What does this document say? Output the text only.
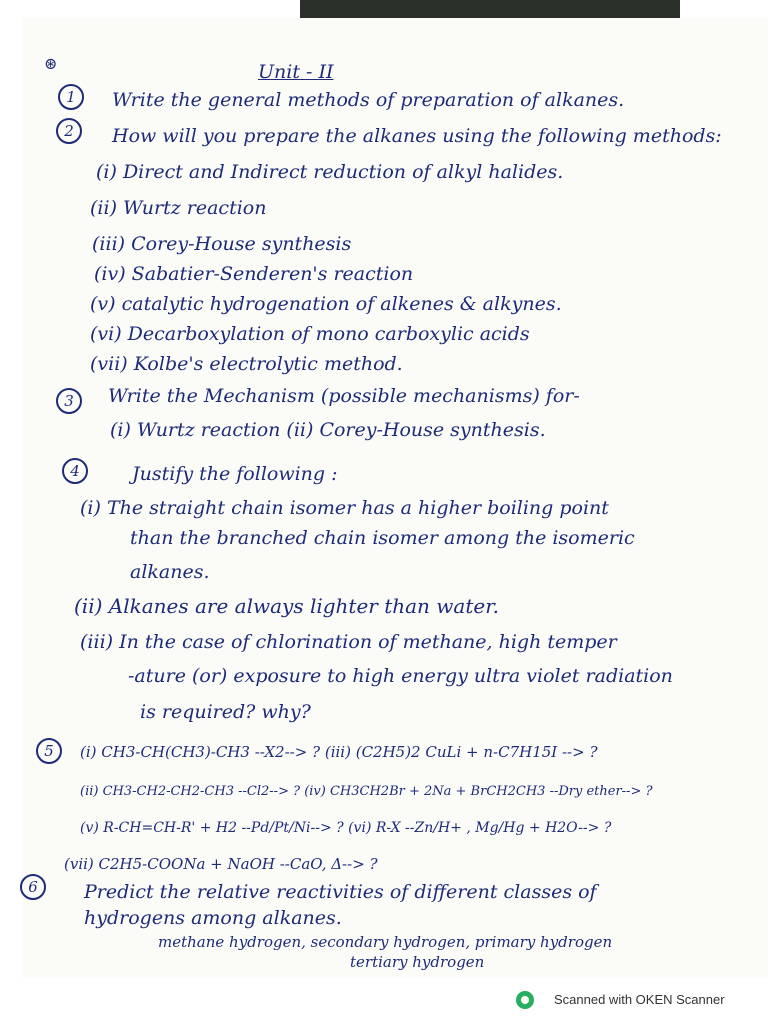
⊛	Unit - II
1	Write the general methods of preparation of alkanes.
2	How will you prepare the alkanes using the following methods:
(i) Direct and Indirect reduction of alkyl halides.
(ii) Wurtz reaction
(iii) Corey-House synthesis
(iv) Sabatier-Senderen's reaction
(v) catalytic hydrogenation of alkenes & alkynes.
(vi) Decarboxylation of mono carboxylic acids
(vii) Kolbe's electrolytic method.
3	Write the Mechanism (possible mechanisms) for-
(i) Wurtz reaction (ii) Corey-House synthesis.
4	Justify the following :
(i) The straight chain isomer has a higher boiling point
than the branched chain isomer among the isomeric
alkanes.
(ii) Alkanes are always lighter than water.
(iii) In the case of chlorination of methane, high temper
-ature (or) exposure to high energy ultra violet radiation
is required? why?
5	(i) CH3-CH(CH3)-CH3 --X2--> ? (iii) (C2H5)2 CuLi + n-C7H15I --> ?
(ii) CH3-CH2-CH2-CH3 --Cl2--> ? (iv) CH3CH2Br + 2Na + BrCH2CH3 --Dry ether--> ?
(v) R-CH=CH-R' + H2 --Pd/Pt/Ni--> ? (vi) R-X --Zn/H+ , Mg/Hg + H2O--> ?
(vii) C2H5-COONa + NaOH --CaO, Δ--> ?
6	Predict the relative reactivities of different classes of
hydrogens among alkanes.
methane hydrogen, secondary hydrogen, primary hydrogen
tertiary hydrogen
Scanned with OKEN Scanner
